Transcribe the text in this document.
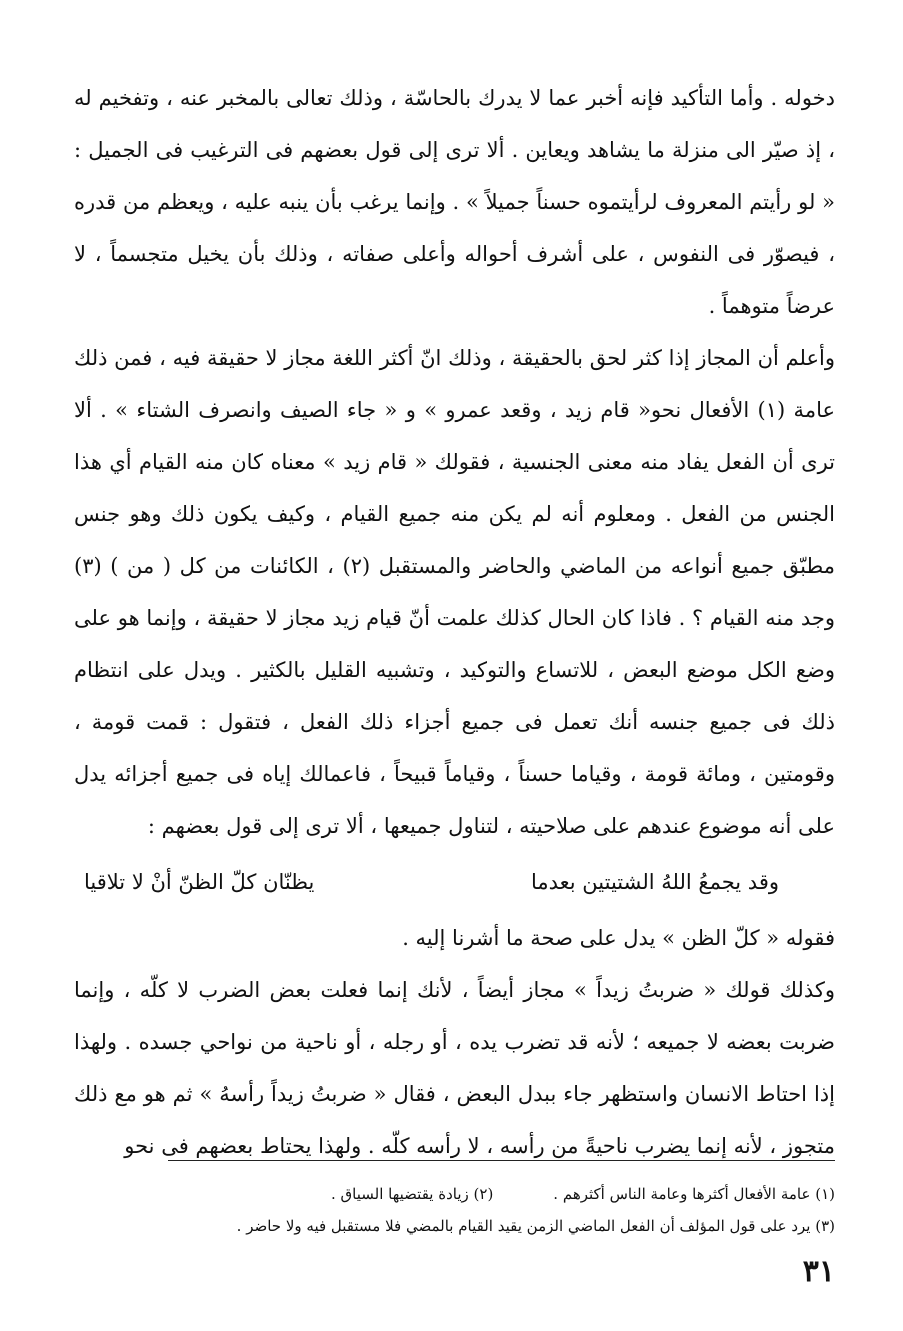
دخوله . وأما التأكيد فإنه أخبر عما لا يدرك بالحاسّة ، وذلك تعالى بالمخبر عنه ، وتفخيم له ، إذ صيّر الى منزلة ما يشاهد ويعاين . ألا ترى إلى قول بعضهم فى الترغيب فى الجميل : « لو رأيتم المعروف لرأيتموه حسناً جميلاً » . وإنما يرغب بأن ينبه عليه ، ويعظم من قدره ، فيصوّر فى النفوس ، على أشرف أحواله وأعلى صفاته ، وذلك بأن يخيل متجسماً ، لا عرضاً متوهماً .

وأعلم أن المجاز إذا كثر لحق بالحقيقة ، وذلك انّ أكثر اللغة مجاز لا حقيقة فيه ، فمن ذلك عامة (١) الأفعال نحو« قام زيد ، وقعد عمرو » و « جاء الصيف وانصرف الشتاء » . ألا ترى أن الفعل يفاد منه معنى الجنسية ، فقولك « قام زيد » معناه كان منه القيام أي هذا الجنس من الفعل . ومعلوم أنه لم يكن منه جميع القيام ، وكيف يكون ذلك وهو جنس مطبّق جميع أنواعه من الماضي والحاضر والمستقبل (٢) ، الكائنات من كل ( من ) (٣) وجد منه القيام ؟ . فاذا كان الحال كذلك علمت أنّ قيام زيد مجاز لا حقيقة ، وإنما هو على وضع الكل موضع البعض ، للاتساع والتوكيد ، وتشبيه القليل بالكثير . ويدل على انتظام ذلك فى جميع جنسه أنك تعمل فى جميع أجزاء ذلك الفعل ، فتقول : قمت قومة ، وقومتين ، ومائة قومة ، وقياما حسناً ، وقياماً قبيحاً ، فاعمالك إياه فى جميع أجزائه يدل على أنه موضوع عندهم على صلاحيته ، لتناول جميعها ، ألا ترى إلى قول بعضهم :

وقد يجمعُ اللهُ الشتيتين بعدما
يظنّان كلّ الظنّ أنْ لا تلاقيا

فقوله « كلّ الظن » يدل على صحة ما أشرنا إليه .

وكذلك قولك « ضربتُ زيداً » مجاز أيضاً ، لأنك إنما فعلت بعض الضرب لا كلّه ، وإنما ضربت بعضه لا جميعه ؛ لأنه قد تضرب يده ، أو رجله ، أو ناحية من نواحي جسده . ولهذا إذا احتاط الانسان واستظهر جاء ببدل البعض ، فقال « ضربتُ زيداً رأسهُ » ثم هو مع ذلك متجوز ، لأنه إنما يضرب ناحيةً من رأسه ، لا رأسه كلّه . ولهذا يحتاط بعضهم فى نحو

(١) عامة الأفعال أكثرها وعامة الناس أكثرهم .
(٢) زيادة يقتضيها السياق .
(٣) يرد على قول المؤلف أن الفعل الماضي الزمن يقيد القيام بالمضي فلا مستقبل فيه ولا حاضر .
٣١
